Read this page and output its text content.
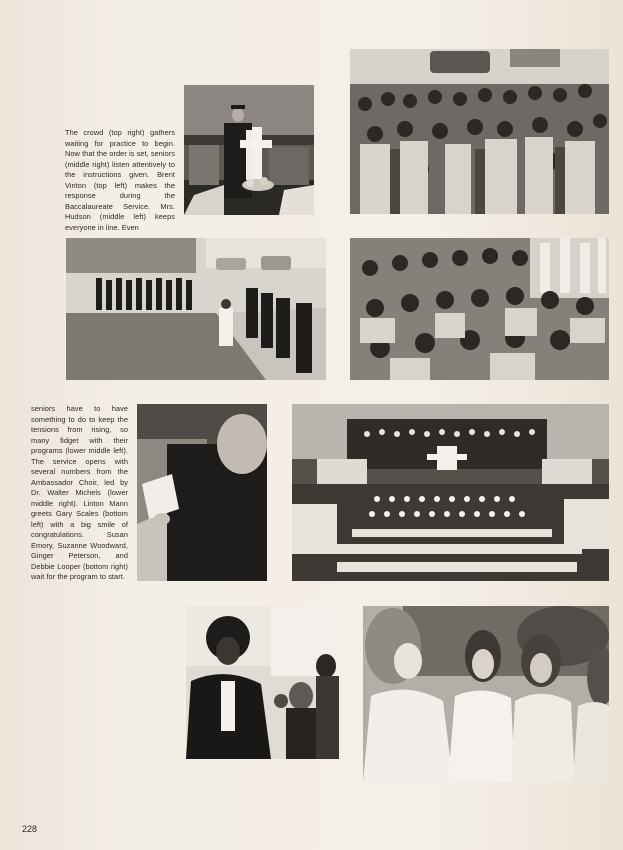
The crowd (top right) gathers waiting for practice to begin. Now that the order is set, seniors (middle right) listen attentively to the instructions given. Brent Vinton (top left) makes the response during the Baccalaureate Service. Mrs. Hudson (middle left) keeps everyone in line. Even
seniors have to have something to do to keep the tensions from rising, so many fidget with their programs (lower middle left). The service opens with several numbers from the Ambassador Choir, led by Dr. Walter Michels (lower middle right). Linton Mann greets Gary Scales (bottom left) with a big smile of congratulations. Susan Emory, Suzanne Woodward, Ginger Peterson, and Debbie Looper (bottom right) wait for the program to start.
228
